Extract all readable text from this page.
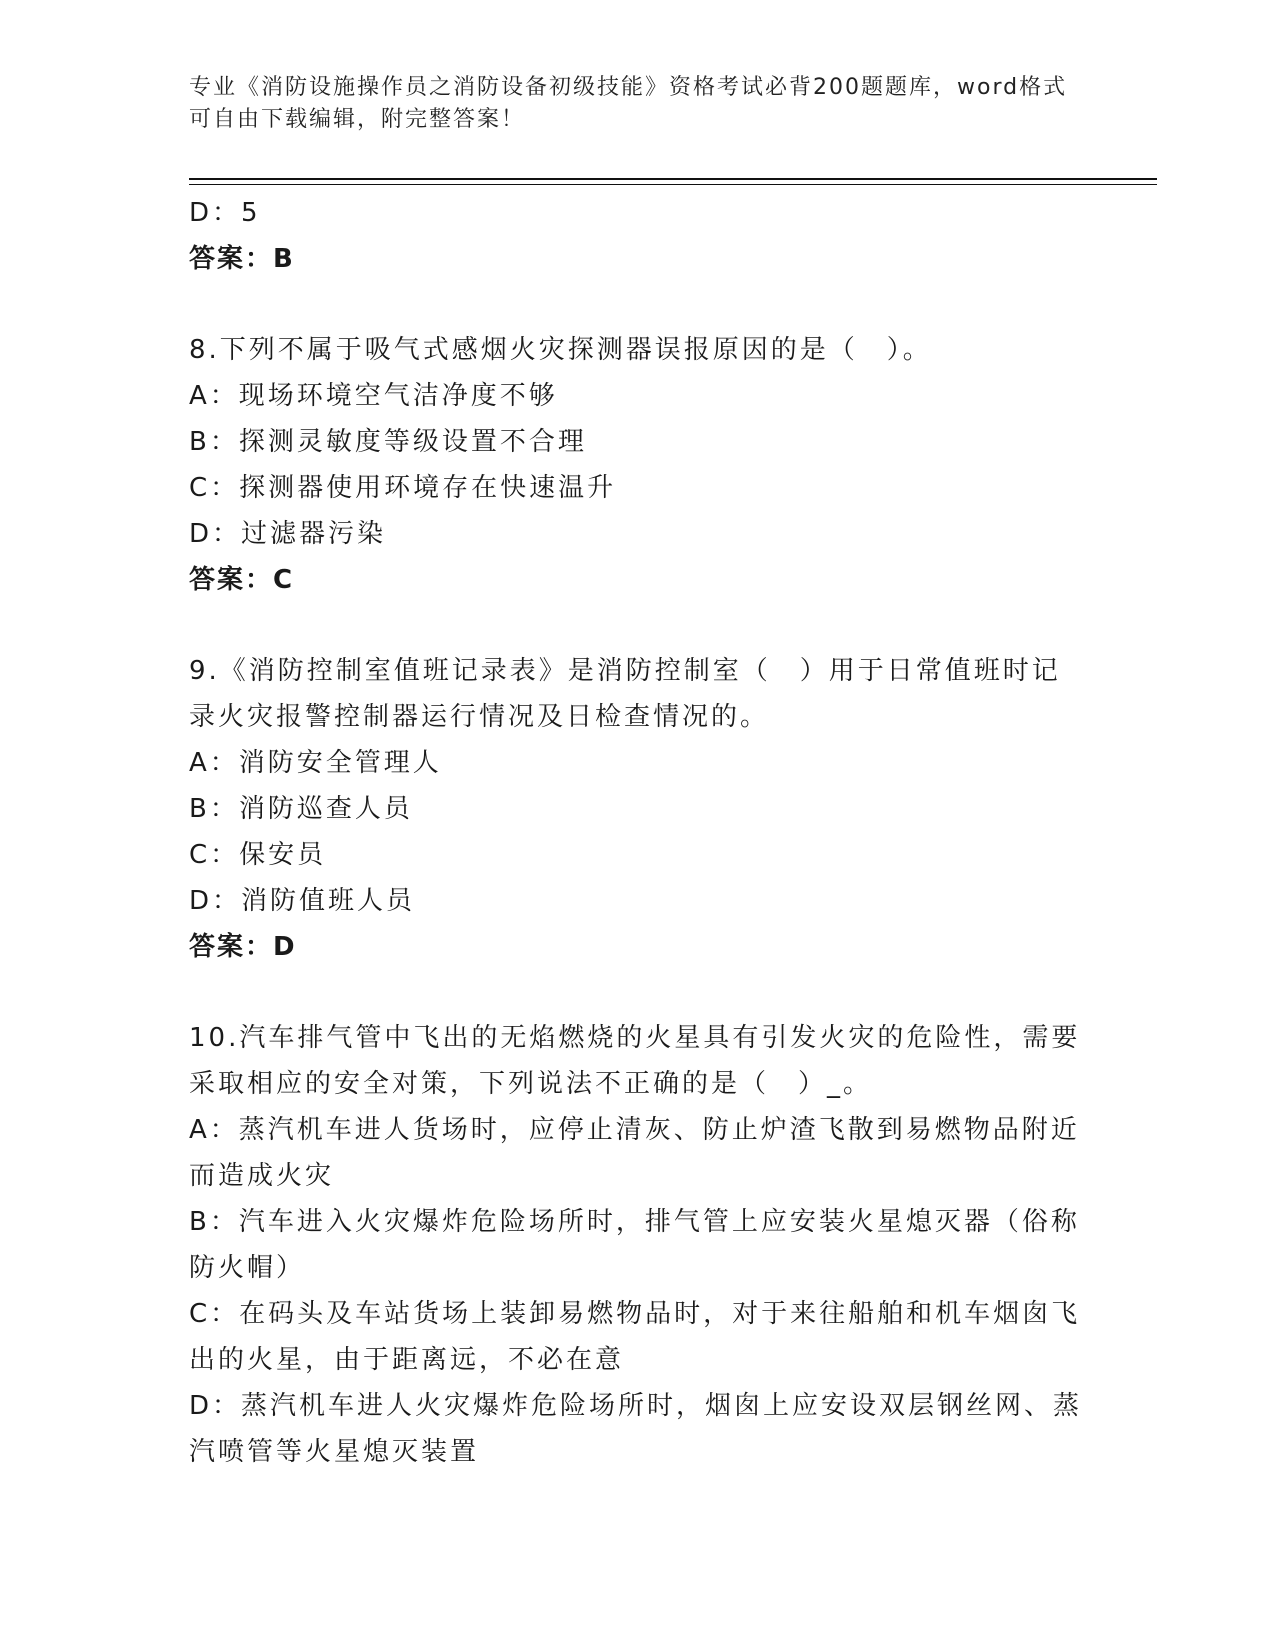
专业《消防设施操作员之消防设备初级技能》资格考试必背200题题库，word格式可自由下载编辑，附完整答案！

D：5

答案：B

8.下列不属于吸气式感烟火灾探测器误报原因的是（　）。

A：现场环境空气洁净度不够

B：探测灵敏度等级设置不合理

C：探测器使用环境存在快速温升

D：过滤器污染

答案：C

9.《消防控制室值班记录表》是消防控制室（　）用于日常值班时记录火灾报警控制器运行情况及日检查情况的。

A：消防安全管理人

B：消防巡查人员

C：保安员

D：消防值班人员

答案：D

10.汽车排气管中飞出的无焰燃烧的火星具有引发火灾的危险性，需要采取相应的安全对策，下列说法不正确的是（　）_。

A：蒸汽机车进人货场时，应停止清灰、防止炉渣飞散到易燃物品附近而造成火灾

B：汽车进入火灾爆炸危险场所时，排气管上应安装火星熄灭器（俗称防火帽）

C：在码头及车站货场上装卸易燃物品时，对于来往船舶和机车烟囱飞出的火星，由于距离远，不必在意

D：蒸汽机车进人火灾爆炸危险场所时，烟囱上应安设双层钢丝网、蒸汽喷管等火星熄灭装置
